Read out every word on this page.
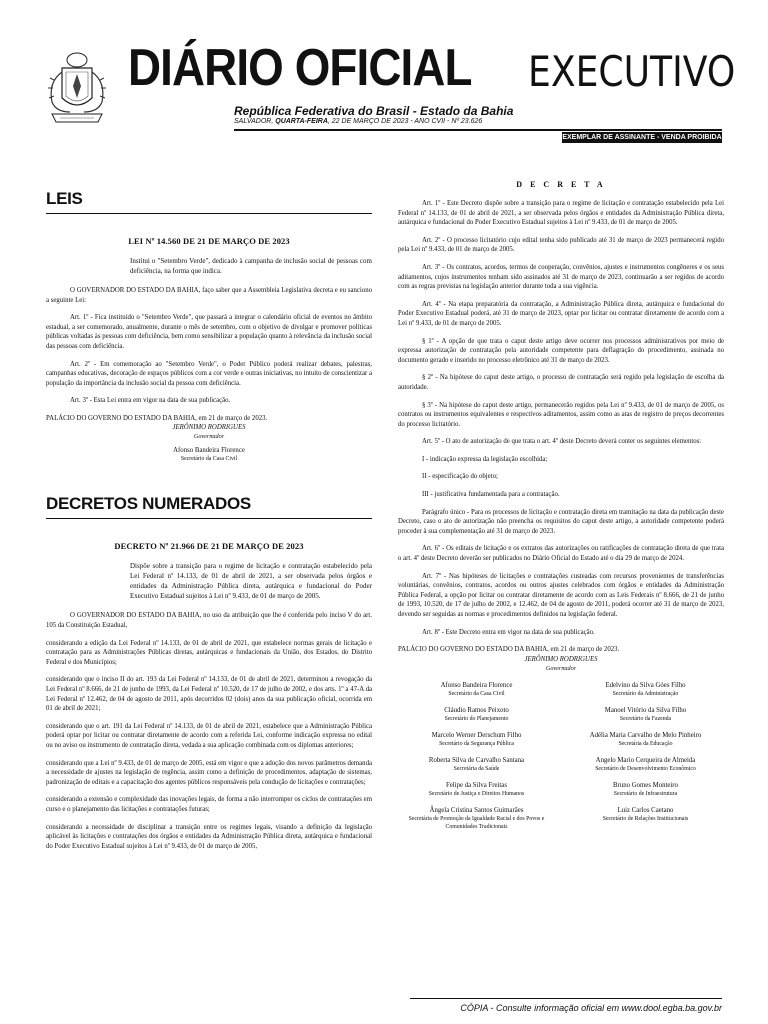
DIÁRIO OFICIAL EXECUTIVO
República Federativa do Brasil - Estado da Bahia
SALVADOR, QUARTA-FEIRA, 22 DE MARÇO DE 2023 - ANO CVII - Nº 23.626
EXEMPLAR DE ASSINANTE - VENDA PROIBIDA
LEIS
LEI Nº 14.560 DE 21 DE MARÇO DE 2023
Institui o "Setembro Verde", dedicado à campanha de inclusão social de pessoas com deficiência, na forma que indica.

O GOVERNADOR DO ESTADO DA BAHIA, faço saber que a Assembleia Legislativa decreta e eu sanciono a seguinte Lei:

Art. 1º - Fica instituído o "Setembro Verde", que passará a integrar o calendário oficial de eventos no âmbito estadual, a ser comemorado, anualmente, durante o mês de setembro, com o objetivo de divulgar e promover políticas públicas voltadas às pessoas com deficiência, bem como sensibilizar a população quanto à relevância da inclusão social das pessoas com deficiência.

Art. 2º - Em comemoração ao "Setembro Verde", o Poder Público poderá realizar debates, palestras, campanhas educativas, decoração de espaços públicos com a cor verde e outras iniciativas, no intuito de conscientizar a população da importância da inclusão social da pessoa com deficiência.

Art. 3º - Esta Lei entra em vigor na data de sua publicação.

PALÁCIO DO GOVERNO DO ESTADO DA BAHIA, em 21 de março de 2023.
JERÔNIMO RODRIGUES
Governador
Afonso Bandeira Florence
Secretário da Casa Civil
DECRETOS NUMERADOS
DECRETO Nº 21.966 DE 21 DE MARÇO DE 2023
Dispõe sobre a transição para o regime de licitação e contratação estabelecido pela Lei Federal nº 14.133, de 01 de abril de 2021, a ser observada pelos órgãos e entidades da Administração Pública direta, autárquica e fundacional do Poder Executivo Estadual sujeitos à Lei nº 9.433, de 01 de março de 2005.

O GOVERNADOR DO ESTADO DA BAHIA, no uso da atribuição que lhe é conferida pelo inciso V do art. 105 da Constituição Estadual,

considerando a edição da Lei Federal nº 14.133, de 01 de abril de 2021, que estabelece normas gerais de licitação e contratação para as Administrações Públicas diretas, autárquicas e fundacionais da União, dos Estados, do Distrito Federal e dos Municípios;

considerando que o inciso II do art. 193 da Lei Federal nº 14.133, de 01 de abril de 2021, determinou a revogação da Lei Federal nº 8.666, de 21 de junho de 1993, da Lei Federal nº 10.520, de 17 de julho de 2002, e dos arts. 1º a 47-A da Lei Federal nº 12.462, de 04 de agosto de 2011, após decorridos 02 (dois) anos da sua publicação oficial, ocorrida em 01 de abril de 2021;

considerando que o art. 191 da Lei Federal nº 14.133, de 01 de abril de 2021, estabelece que a Administração Pública poderá optar por licitar ou contratar diretamente de acordo com a referida Lei, conforme indicação expressa no edital ou no aviso ou instrumento de contratação direta, vedada a sua aplicação combinada com os diplomas anteriores;

considerando que a Lei nº 9.433, de 01 de março de 2005, está em vigor e que a adoção dos novos parâmetros demanda a necessidade de ajustes na legislação de regência, assim como a definição de procedimentos, adaptação de sistemas, padronização de editais e a capacitação dos agentes públicos responsáveis pela condução de licitações e contratações;

considerando a extensão e complexidade das inovações legais, de forma a não interromper os ciclos de contratações em curso e o planejamento das licitações e contratações futuras;

considerando a necessidade de disciplinar a transição entre os regimes legais, visando a definição da legislação aplicável às licitações e contratações dos órgãos e entidades da Administração Pública direta, autárquica e fundacional do Poder Executivo Estadual sujeitos à Lei nº 9.433, de 01 de março de 2005,

D E C R E T A

Art. 1º - Este Decreto dispõe sobre a transição para o regime de licitação e contratação estabelecido pela Lei Federal nº 14.133, de 01 de abril de 2021, a ser observada pelos órgãos e entidades da Administração Pública direta, autárquica e fundacional do Poder Executivo Estadual sujeitos à Lei nº 9.433, de 01 de março de 2005.

Art. 2º - O processo licitatório cujo edital tenha sido publicado até 31 de março de 2023 permanecerá regido pela Lei nº 9.433, de 01 de março de 2005.

Art. 3º - Os contratos, acordos, termos de cooperação, convênios, ajustes e instrumentos congêneres e os seus aditamentos, cujos instrumentos tenham sido assinados até 31 de março de 2023, continuarão a ser regidos de acordo com as regras previstas na legislação anterior durante toda a sua vigência.

Art. 4º - Na etapa preparatória da contratação, a Administração Pública direta, autárquica e fundacional do Poder Executivo Estadual poderá, até 31 de março de 2023, optar por licitar ou contratar diretamente de acordo com a Lei nº 9.433, de 01 de março de 2005.

§ 1º - A opção de que trata o caput deste artigo deve ocorrer nos processos administrativos por meio de expressa autorização de contratação pela autoridade competente para deflagração do procedimento, assinada no documento gerado e inserido no processo eletrônico até 31 de março de 2023.

§ 2º - Na hipótese do caput deste artigo, o processo de contratação será regido pela legislação de escolha da autoridade.

§ 3º - Na hipótese do caput deste artigo, permanecerão regidos pela Lei nº 9.433, de 01 de março de 2005, os contratos ou instrumentos equivalentes e respectivos aditamentos, assim como as atas de registro de preços decorrentes do processo licitatório.

Art. 5º - O ato de autorização de que trata o art. 4º deste Decreto deverá conter os seguintes elementos:

I - indicação expressa da legislação escolhida;

II - especificação do objeto;

III - justificativa fundamentada para a contratação.

Parágrafo único - Para os processos de licitação e contratação direta em tramitação na data da publicação deste Decreto, caso o ato de autorização não preencha os requisitos do caput deste artigo, a autoridade competente poderá proceder à sua complementação até 31 de março de 2023.

Art. 6º - Os editais de licitação e os extratos das autorizações ou ratificações de contratação direta de que trata o art. 4º deste Decreto deverão ser publicados no Diário Oficial do Estado até o dia 29 de março de 2024.

Art. 7º - Nas hipóteses de licitações e contratações custeadas com recursos provenientes de transferências voluntárias, convênios, contratos, acordos ou outros ajustes celebrados com órgãos e entidades da Administração Pública Federal, a opção por licitar ou contratar diretamente de acordo com as Leis Federais nº 8.666, de 21 de junho de 1993, 10.520, de 17 de julho de 2002, e 12.462, de 04 de agosto de 2011, poderá ocorrer até 31 de março de 2023, devendo ser seguidas as normas e procedimentos definidos na legislação federal.

Art. 8º - Este Decreto entra em vigor na data de sua publicação.

PALÁCIO DO GOVERNO DO ESTADO DA BAHIA, em 21 de março de 2023.
JERÔNIMO RODRIGUES
Governador
Afonso Bandeira Florence
Secretário da Casa Civil
Edelvino da Silva Góes Filho
Secretário da Administração
Cláudio Ramos Peixoto
Secretário do Planejamento
Manoel Vitório da Silva Filho
Secretário da Fazenda
Marcelo Werner Derschum Filho
Secretário da Segurança Pública
Adélia Maria Carvalho de Melo Pinheiro
Secretária da Educação
Roberta Silva de Carvalho Santana
Secretária da Saúde
Angelo Mario Cerqueira de Almeida
Secretário de Desenvolvimento Econômico
Felipe da Silva Freitas
Secretário de Justiça e Direitos Humanos
Bruno Gomes Monteiro
Secretário de Infraestrutura
Ângela Cristina Santos Guimarães
Secretária de Promoção da Igualdade Racial e dos Povos e Comunidades Tradicionais
Luiz Carlos Caetano
Secretário de Relações Institucionais
CÓPIA - Consulte informação oficial em www.dool.egba.ba.gov.br
